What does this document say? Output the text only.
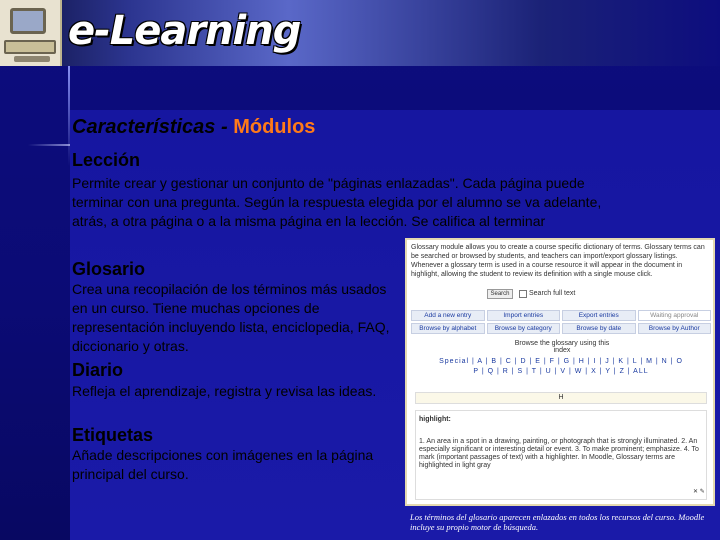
e-Learning
Características - Módulos
Lección
Permite crear y gestionar un conjunto de "páginas enlazadas". Cada página puede terminar con una pregunta. Según la respuesta elegida por el alumno se va adelante, atrás, a otra página o a la misma página en la lección. Se califica al terminar
Glosario
Crea una recopilación de los términos más usados en un curso. Tiene muchas opciones de representación incluyendo lista, enciclopedia, FAQ, diccionario y otras.
Diario
Refleja el aprendizaje, registra y revisa las ideas.
Etiquetas
Añade descripciones con imágenes en la página principal del curso.
Glossary module allows you to create a course specific dictionary of terms. Glossary terms can be searched or browsed by students, and teachers can import/export glossary listings. Whenever a glossary term is used in a course resource it will appear in the document in highlight, allowing the student to review its definition with a single mouse click.
Search	Search full text
Add a new entry	Import entries	Export entries	Waiting approval
Browse by alphabet	Browse by category	Browse by date	Browse by Author
Browse the glossary using this index
Special | A | B | C | D | E | F | G | H | I | J | K | L | M | N | O
P | Q | R | S | T | U | V | W | X | Y | Z | ALL
H
highlight:
1. An area in a spot in a drawing, painting, or photograph that is strongly illuminated. 2. An especially significant or interesting detail or event. 3. To make prominent; emphasize. 4. To mark (important passages of text) with a highlighter. In Moodle, Glossary terms are highlighted in light gray
✕ ✎
Los términos del glosario aparecen enlazados en todos los recursos del curso. Moodle incluye su propio motor de búsqueda.
